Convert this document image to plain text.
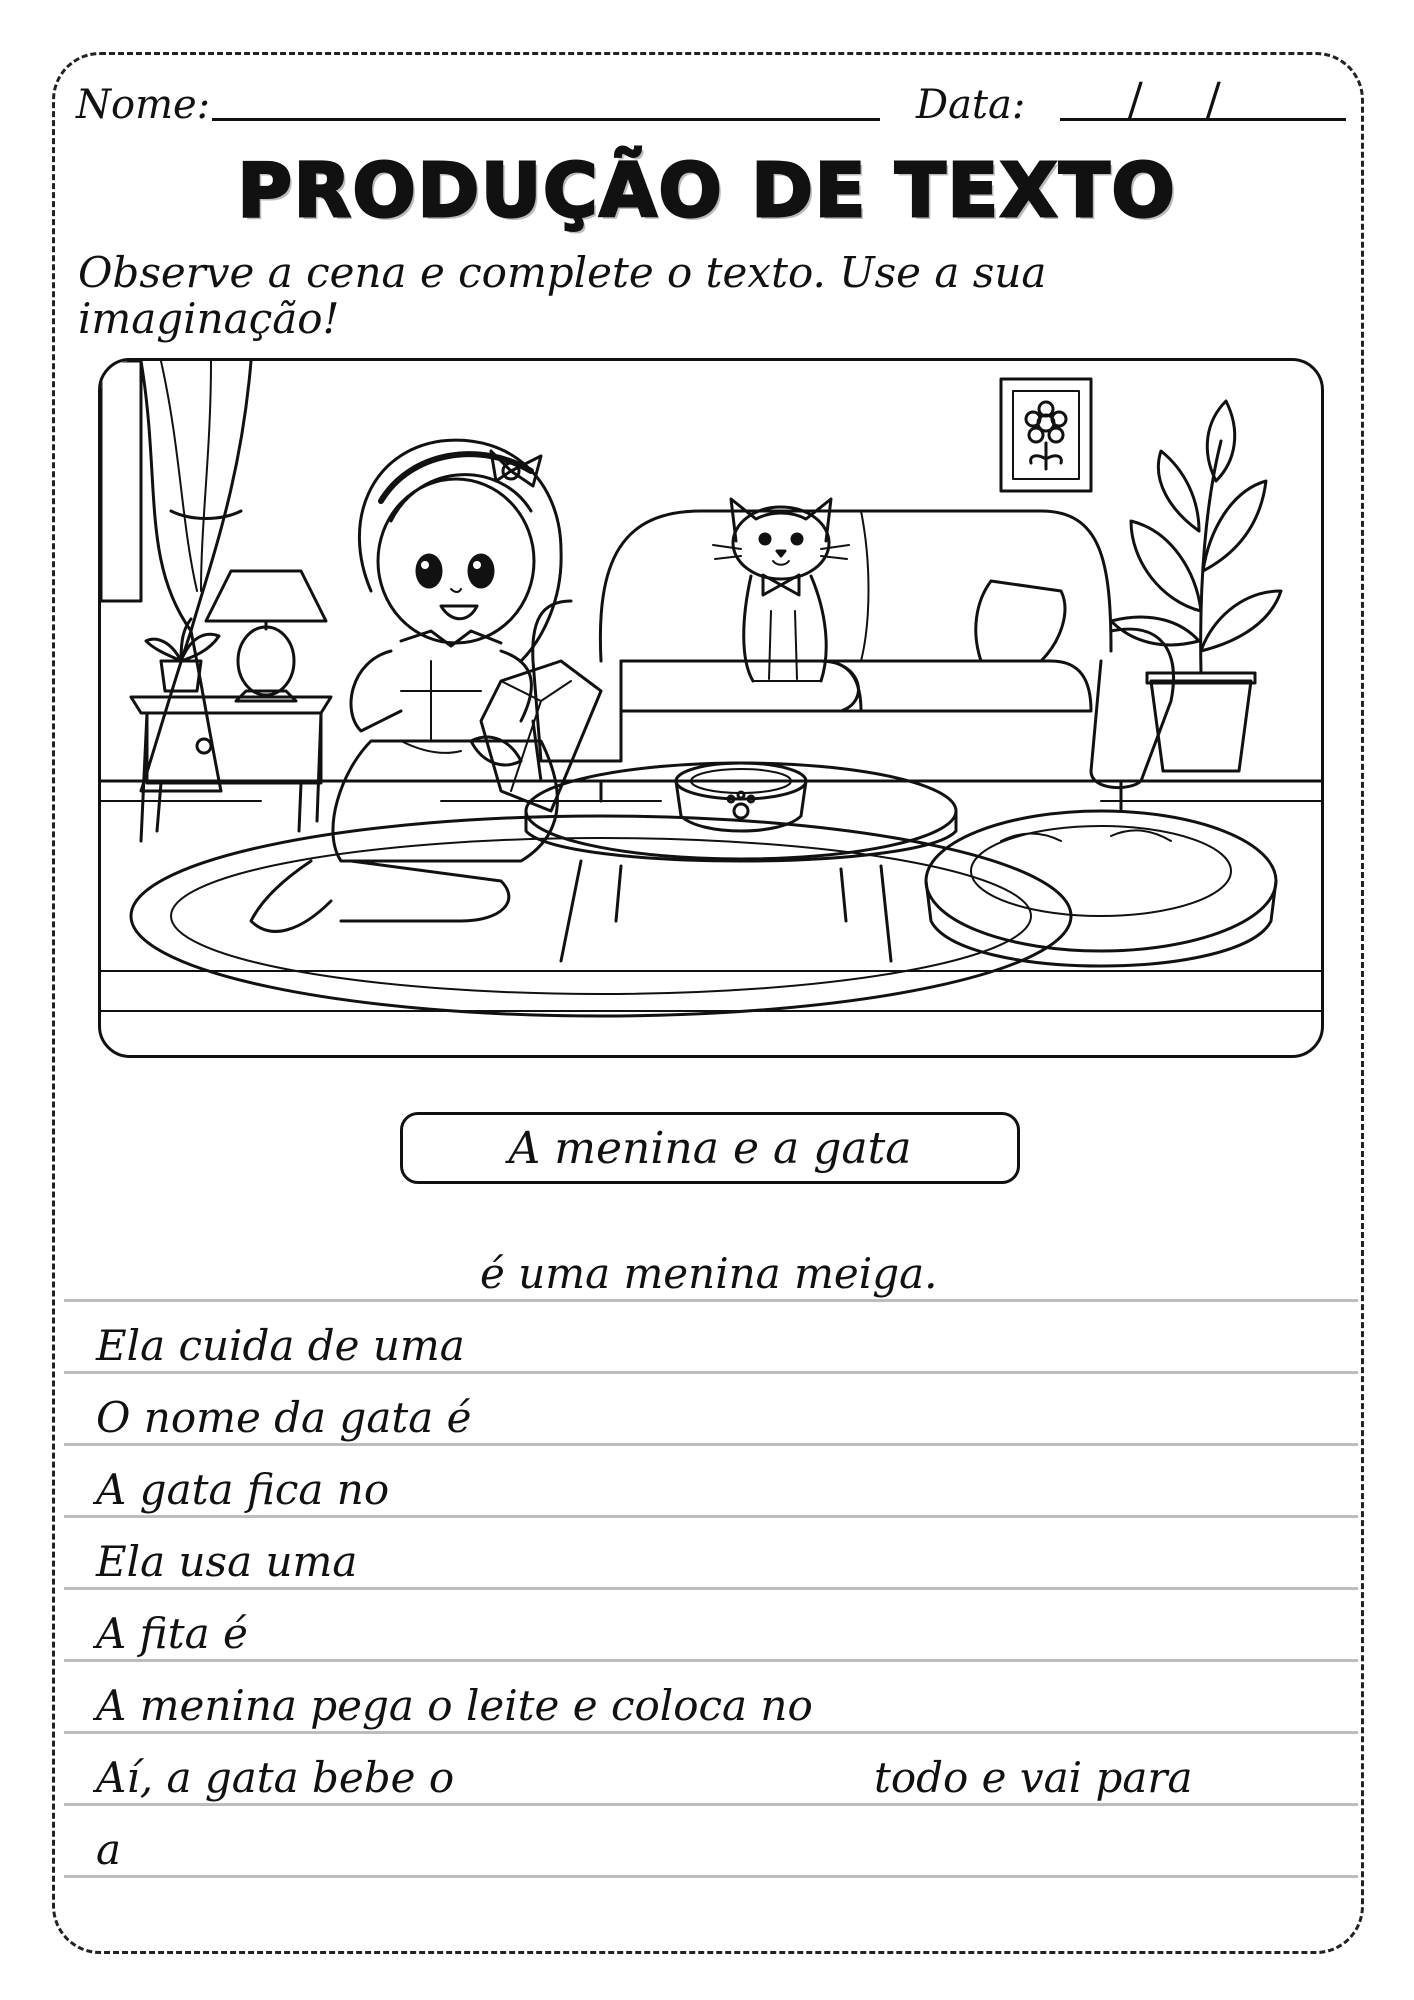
Nome:	Data: / /
PRODUÇÃO DE TEXTO
Observe a cena e complete o texto. Use a sua imaginação!
A menina e a gata
é uma menina meiga.
Ela cuida de uma
O nome da gata é
A gata fica no
Ela usa uma
A fita é
A menina pega o leite e coloca no
Aí, a gata bebe o	todo e vai para
a
